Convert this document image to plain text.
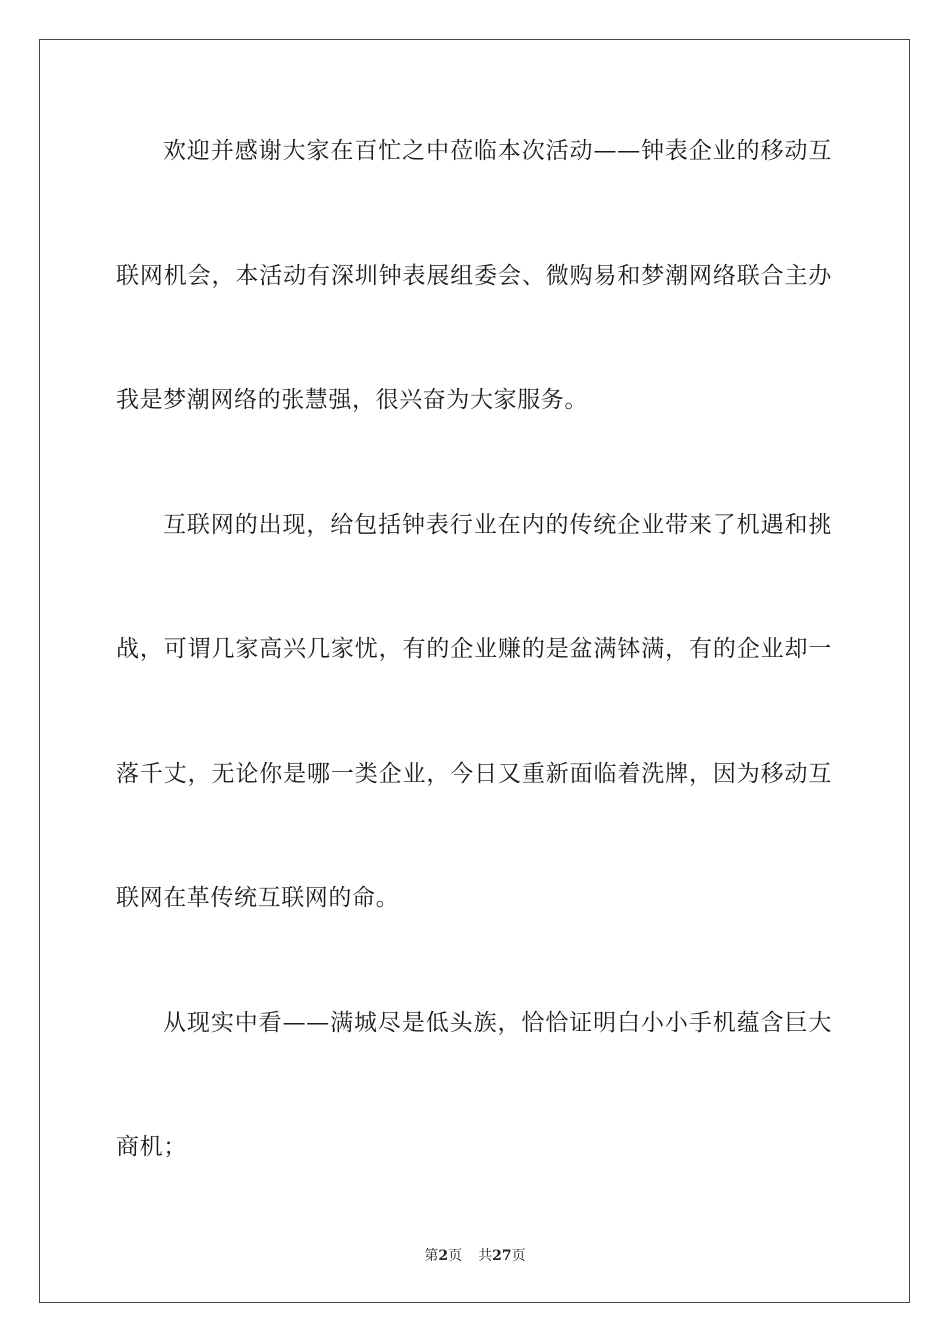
欢迎并感谢大家在百忙之中莅临本次活动——钟表企业的移动互
联网机会，本活动有深圳钟表展组委会、微购易和梦潮网络联合主办
我是梦潮网络的张慧强，很兴奋为大家服务。
互联网的出现，给包括钟表行业在内的传统企业带来了机遇和挑
战，可谓几家高兴几家忧，有的企业赚的是盆满钵满，有的企业却一
落千丈，无论你是哪一类企业，今日又重新面临着洗牌，因为移动互
联网在革传统互联网的命。
从现实中看——满城尽是低头族，恰恰证明白小小手机蕴含巨大
商机；
第2页 共27页
